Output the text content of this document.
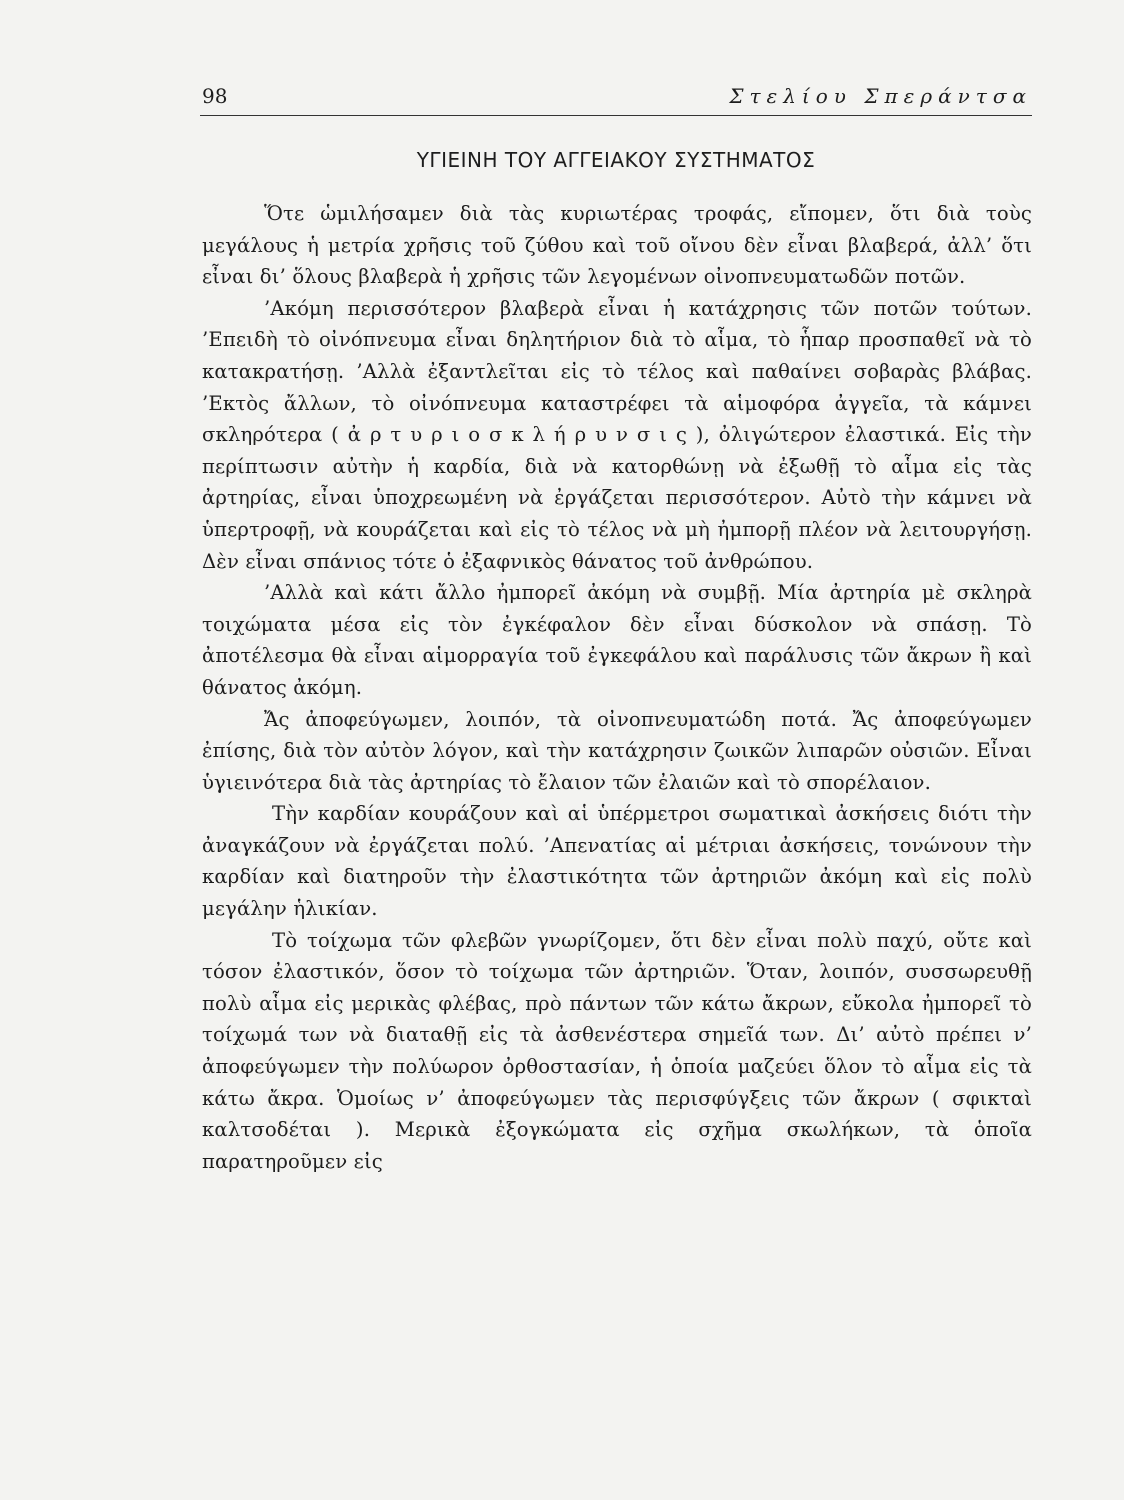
98	Στελίου Σπεράντσα
ΥΓΙΕΙΝΗ ΤΟΥ ΑΓΓΕΙΑΚΟΥ ΣΥΣΤΗΜΑΤΟΣ

Ὅτε ὡμιλήσαμεν διὰ τὰς κυριωτέρας τροφάς, εἴπομεν, ὅτι διὰ τοὺς μεγάλους ἡ μετρία χρῆσις τοῦ ζύθου καὶ τοῦ οἴνου δὲν εἶναι βλαβερά, ἀλλ’ ὅτι εἶναι δι’ ὅλους βλαβερὰ ἡ χρῆσις τῶν λεγομένων οἰνοπνευματωδῶν ποτῶν.

’Ακόμη περισσότερον βλαβερὰ εἶναι ἡ κατάχρησις τῶν ποτῶν τούτων. ’Επειδὴ τὸ οἰνόπνευμα εἶναι δηλητήριον διὰ τὸ αἷμα, τὸ ἧπαρ προσπαθεῖ νὰ τὸ κατακρατήσῃ. ’Αλλὰ ἐξαντλεῖται εἰς τὸ τέλος καὶ παθαίνει σοβαρὰς βλάβας. ’Εκτὸς ἄλλων, τὸ οἰνόπνευμα καταστρέφει τὰ αἱμοφόρα ἀγγεῖα, τὰ κάμνει σκληρότερα ( ἀ ρ τ υ ρ ι ο σ κ λ ή ρ υ ν σ ι ς ), ὀλιγώτερον ἐλαστικά. Εἰς τὴν περίπτωσιν αὐτὴν ἡ καρδία, διὰ νὰ κατορθώνῃ νὰ ἐξωθῇ τὸ αἷμα εἰς τὰς ἀρτηρίας, εἶναι ὑποχρεωμένη νὰ ἐργάζεται περισσότερον. Αὐτὸ τὴν κάμνει νὰ ὑπερτροφῇ, νὰ κουράζεται καὶ εἰς τὸ τέλος νὰ μὴ ἠμπορῇ πλέον νὰ λειτουργήσῃ. Δὲν εἶναι σπάνιος τότε ὁ ἐξαφνικὸς θάνατος τοῦ ἀνθρώπου.

’Αλλὰ καὶ κάτι ἄλλο ἠμπορεῖ ἀκόμη νὰ συμβῇ. Μία ἀρτηρία μὲ σκληρὰ τοιχώματα μέσα εἰς τὸν ἐγκέφαλον δὲν εἶναι δύσκολον νὰ σπάσῃ. Τὸ ἀποτέλεσμα θὰ εἶναι αἱμορραγία τοῦ ἐγκεφάλου καὶ παράλυσις τῶν ἄκρων ἢ καὶ θάνατος ἀκόμη.

Ἄς ἀποφεύγωμεν, λοιπόν, τὰ οἰνοπνευματώδη ποτά. Ἄς ἀποφεύγωμεν ἐπίσης, διὰ τὸν αὐτὸν λόγον, καὶ τὴν κατάχρησιν ζωικῶν λιπαρῶν οὐσιῶν. Εἶναι ὑγιεινότερα διὰ τὰς ἀρτηρίας τὸ ἔλαιον τῶν ἐλαιῶν καὶ τὸ σπορέλαιον.

Τὴν καρδίαν κουράζουν καὶ αἱ ὑπέρμετροι σωματικαὶ ἀσκήσεις διότι τὴν ἀναγκάζουν νὰ ἐργάζεται πολύ. ’Απενατίας αἱ μέτριαι ἀσκήσεις, τονώνουν τὴν καρδίαν καὶ διατηροῦν τὴν ἐλαστικότητα τῶν ἀρτηριῶν ἀκόμη καὶ εἰς πολὺ μεγάλην ἡλικίαν.

Τὸ τοίχωμα τῶν φλεβῶν γνωρίζομεν, ὅτι δὲν εἶναι πολὺ παχύ, οὔτε καὶ τόσον ἐλαστικόν, ὅσον τὸ τοίχωμα τῶν ἀρτηριῶν. Ὅταν, λοιπόν, συσσωρευθῇ πολὺ αἷμα εἰς μερικὰς φλέβας, πρὸ πάντων τῶν κάτω ἄκρων, εὔκολα ἠμπορεῖ τὸ τοίχωμά των νὰ διαταθῇ εἰς τὰ ἀσθενέστερα σημεῖά των. Δι’ αὐτὸ πρέπει ν’ ἀποφεύγωμεν τὴν πολύωρον ὀρθοστασίαν, ἡ ὁποία μαζεύει ὅλον τὸ αἷμα εἰς τὰ κάτω ἄκρα. Ὁμοίως ν’ ἀποφεύγωμεν τὰς περισφύγξεις τῶν ἄκρων ( σφικταὶ καλτσοδέται ). Μερικὰ ἐξογκώματα εἰς σχῆμα σκωλήκων, τὰ ὁποῖα παρατηροῦμεν εἰς
